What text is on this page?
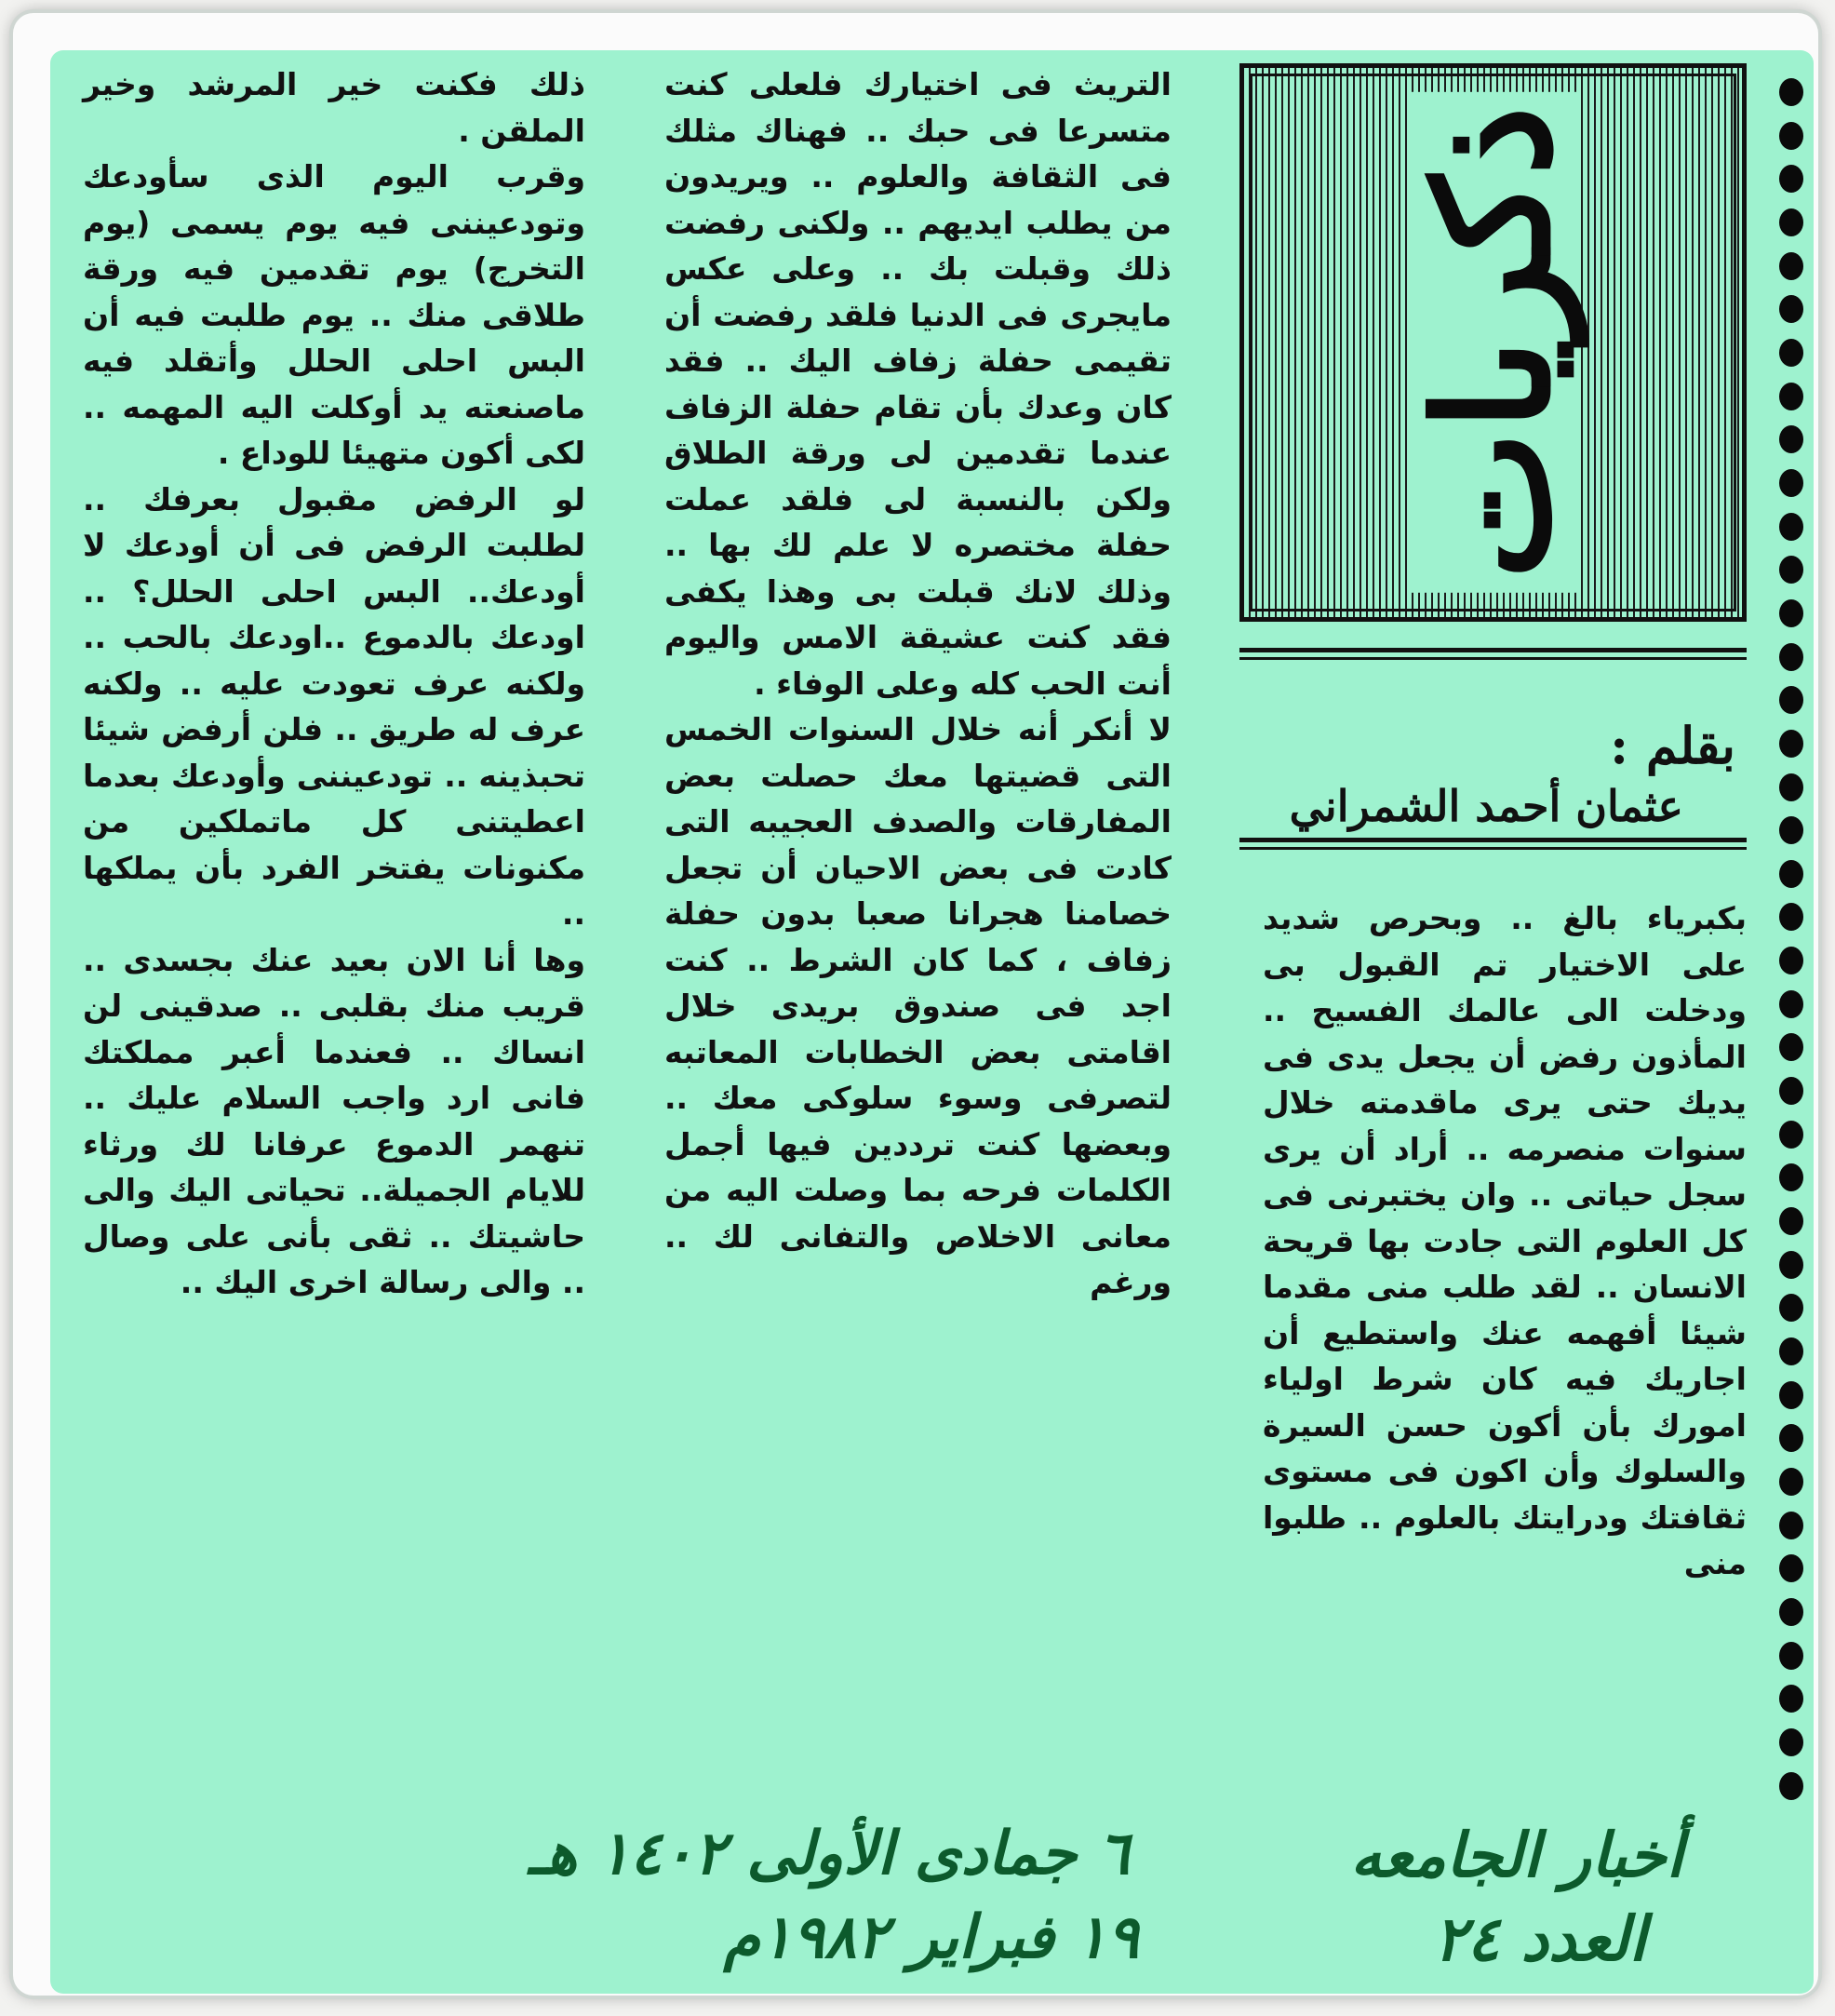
ذكريات
بقلم :
عثمان أحمد الشمراني

بكبرياء بالغ .. وبحرص شديد على الاختيار تم القبول بى ودخلت الى عالمك الفسيح .. المأذون رفض أن يجعل يدى فى يديك حتى يرى ماقدمته خلال سنوات منصرمه .. أراد أن يرى سجل حياتى .. وان يختبرنى فى كل العلوم التى جادت بها قريحة الانسان .. لقد طلب منى مقدما شيئا أفهمه عنك واستطيع أن اجاريك فيه كان شرط اولياء امورك بأن أكون حسن السيرة والسلوك وأن اكون فى مستوى ثقافتك ودرايتك بالعلوم .. طلبوا منى

التريث فى اختيارك فلعلى كنت متسرعا فى حبك .. فهناك مثلك فى الثقافة والعلوم .. ويريدون من يطلب ايديهم .. ولكنى رفضت ذلك وقبلت بك .. وعلى عكس مايجرى فى الدنيا فلقد رفضت أن تقيمى حفلة زفاف اليك .. فقد كان وعدك بأن تقام حفلة الزفاف عندما تقدمين لى ورقة الطلاق ولكن بالنسبة لى فلقد عملت حفلة مختصره لا علم لك بها .. وذلك لانك قبلت بى وهذا يكفى فقد كنت عشيقة الامس واليوم أنت الحب كله وعلى الوفاء .

لا أنكر أنه خلال السنوات الخمس التى قضيتها معك حصلت بعض المفارقات والصدف العجيبه التى كادت فى بعض الاحيان أن تجعل خصامنا هجرانا صعبا بدون حفلة زفاف ، كما كان الشرط .. كنت اجد فى صندوق بريدى خلال اقامتى بعض الخطابات المعاتبه لتصرفى وسوء سلوكى معك .. وبعضها كنت ترددين فيها أجمل الكلمات فرحه بما وصلت اليه من معانى الاخلاص والتفانى لك .. ورغم

ذلك فكنت خير المرشد وخير الملقن .

وقرب اليوم الذى سأودعك وتودعيننى فيه يوم يسمى (يوم التخرج) يوم تقدمين فيه ورقة طلاقى منك .. يوم طلبت فيه أن البس احلى الحلل وأتقلد فيه ماصنعته يد أوكلت اليه المهمه .. لكى أكون متهيئا للوداع .

لو الرفض مقبول بعرفك .. لطلبت الرفض فى أن أودعك لا أودعك.. البس احلى الحلل؟ .. اودعك بالدموع ..اودعك بالحب .. ولكنه عرف تعودت عليه .. ولكنه عرف له طريق .. فلن أرفض شيئا تحبذينه .. تودعيننى وأودعك بعدما اعطيتنى كل ماتملكين من مكنونات يفتخر الفرد بأن يملكها ..

وها أنا الان بعيد عنك بجسدى .. قريب منك بقلبى .. صدقينى لن انساك .. فعندما أعبر مملكتك فانى ارد واجب السلام عليك .. تنهمر الدموع عرفانا لك ورثاء للايام الجميلة.. تحياتى اليك والى حاشيتك .. ثقى بأنى على وصال .. والى رسالة اخرى اليك ..

٦ جمادى الأولى ١٤٠٢ هـ
١٩ فبراير ١٩٨٢م
أخبار الجامعه
العدد ٢٤
